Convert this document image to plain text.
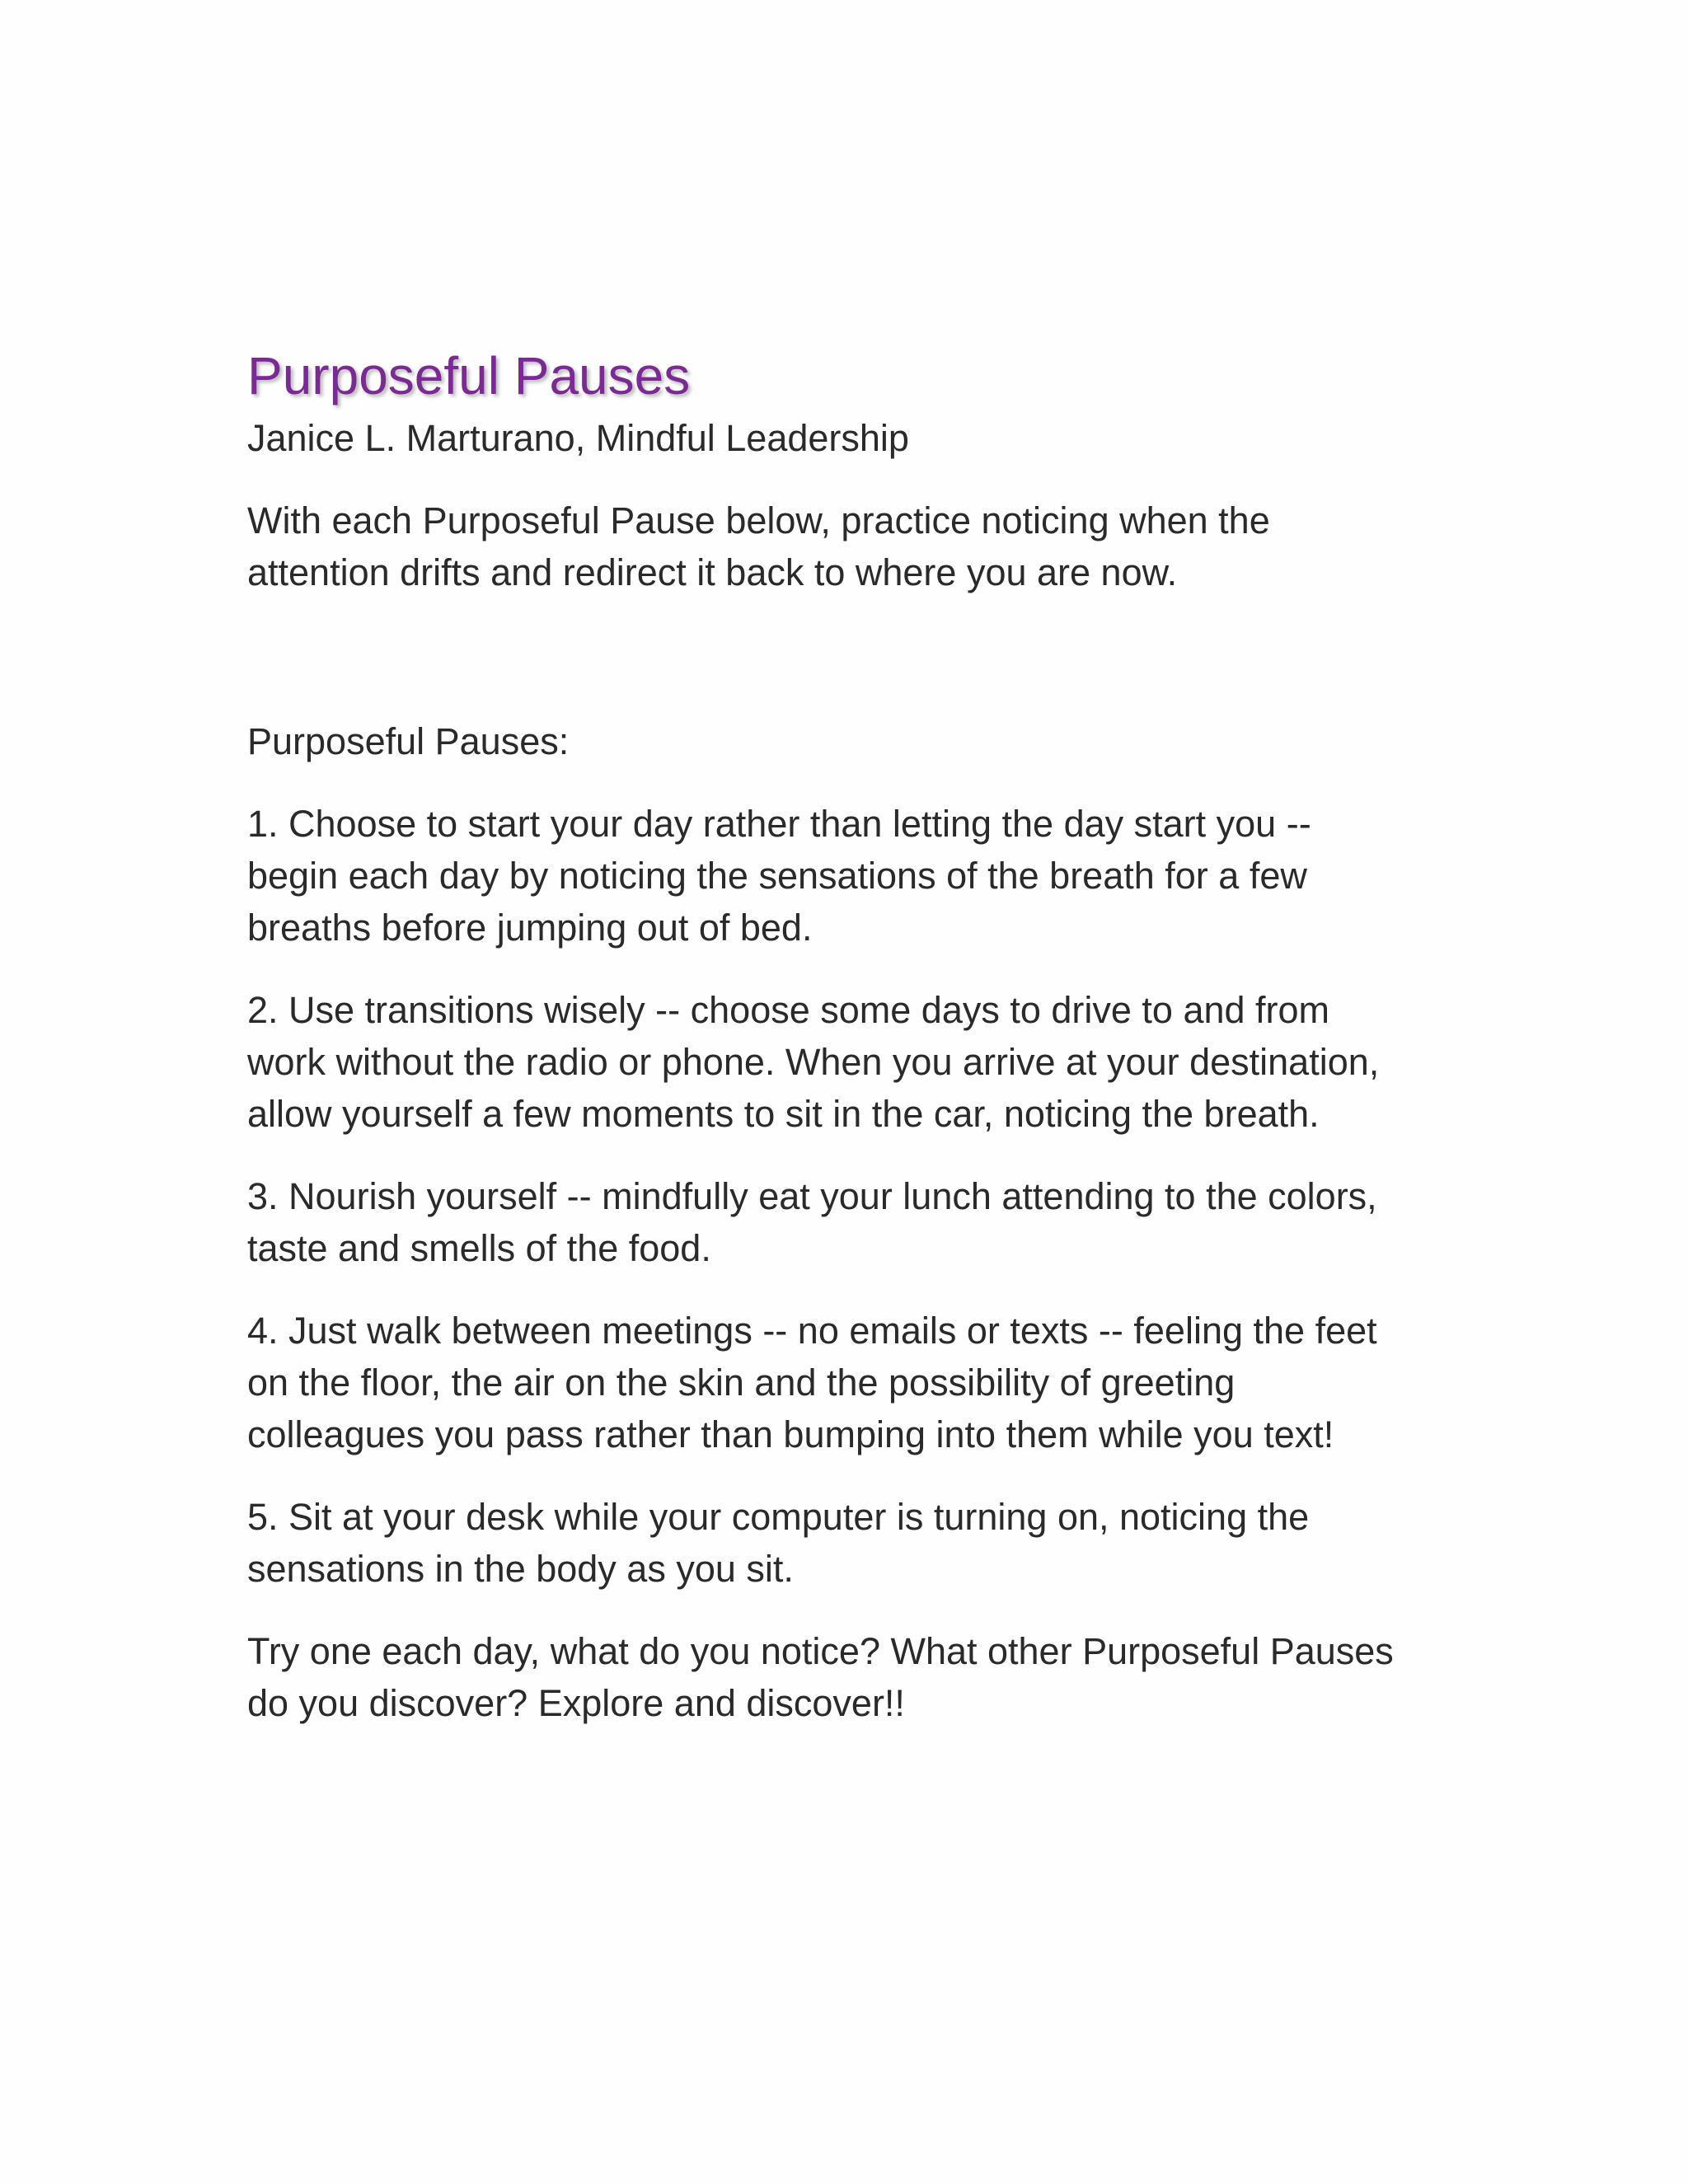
Purposeful Pauses

Janice L. Marturano, Mindful Leadership

With each Purposeful Pause below, practice noticing when the
attention drifts and redirect it back to where you are now.

Purposeful Pauses:

1. Choose to start your day rather than letting the day start you --
begin each day by noticing the sensations of the breath for a few
breaths before jumping out of bed.

2. Use transitions wisely -- choose some days to drive to and from
work without the radio or phone. When you arrive at your destination,
allow yourself a few moments to sit in the car, noticing the breath.

3. Nourish yourself -- mindfully eat your lunch attending to the colors,
taste and smells of the food.

4. Just walk between meetings -- no emails or texts -- feeling the feet
on the floor, the air on the skin and the possibility of greeting
colleagues you pass rather than bumping into them while you text!

5. Sit at your desk while your computer is turning on, noticing the
sensations in the body as you sit.

Try one each day, what do you notice? What other Purposeful Pauses
do you discover? Explore and discover!!
